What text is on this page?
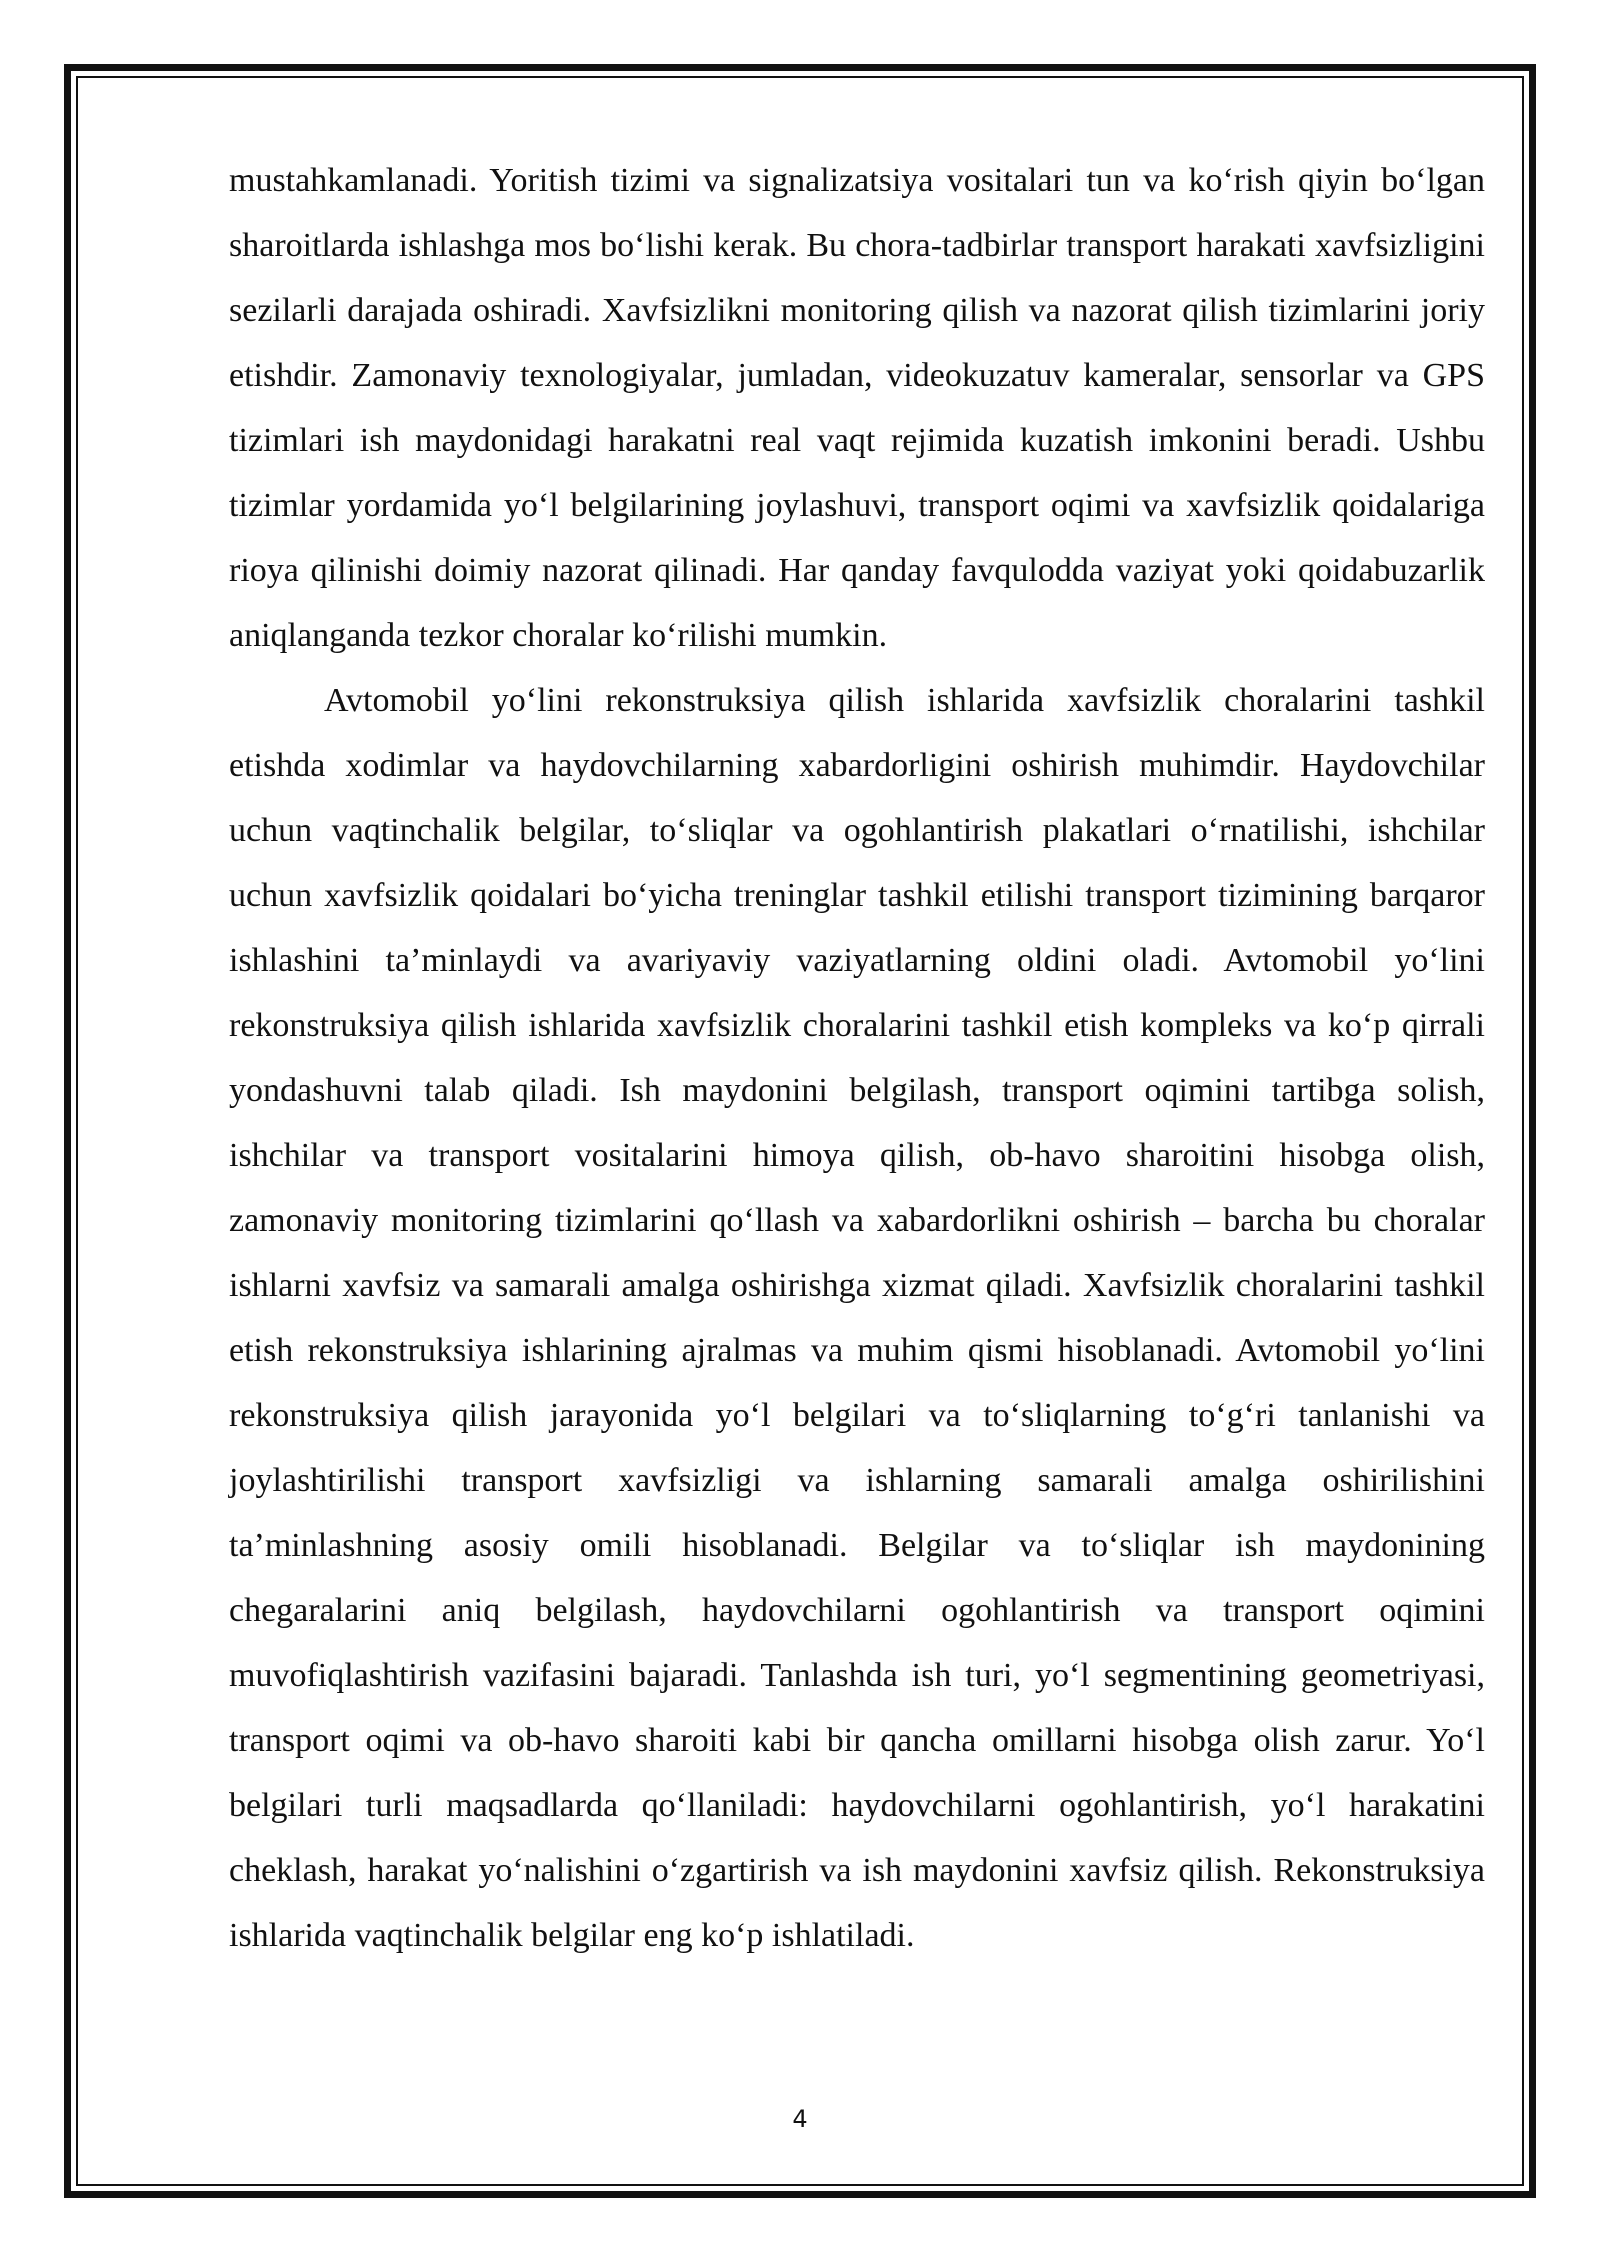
mustahkamlanadi. Yoritish tizimi va signalizatsiya vositalari tun va ko‘rish qiyin bo‘lgan sharoitlarda ishlashga mos bo‘lishi kerak. Bu chora-tadbirlar transport harakati xavfsizligini sezilarli darajada oshiradi. Xavfsizlikni monitoring qilish va nazorat qilish tizimlarini joriy etishdir. Zamonaviy texnologiyalar, jumladan, videokuzatuv kameralar, sensorlar va GPS tizimlari ish maydonidagi harakatni real vaqt rejimida kuzatish imkonini beradi. Ushbu tizimlar yordamida yo‘l belgilarining joylashuvi, transport oqimi va xavfsizlik qoidalariga rioya qilinishi doimiy nazorat qilinadi. Har qanday favqulodda vaziyat yoki qoidabuzarlik aniqlanganda tezkor choralar ko‘rilishi mumkin.

Avtomobil yo‘lini rekonstruksiya qilish ishlarida xavfsizlik choralarini tashkil etishda xodimlar va haydovchilarning xabardorligini oshirish muhimdir. Haydovchilar uchun vaqtinchalik belgilar, to‘sliqlar va ogohlantirish plakatlari o‘rnatilishi, ishchilar uchun xavfsizlik qoidalari bo‘yicha treninglar tashkil etilishi transport tizimining barqaror ishlashini ta’minlaydi va avariyaviy vaziyatlarning oldini oladi. Avtomobil yo‘lini rekonstruksiya qilish ishlarida xavfsizlik choralarini tashkil etish kompleks va ko‘p qirrali yondashuvni talab qiladi. Ish maydonini belgilash, transport oqimini tartibga solish, ishchilar va transport vositalarini himoya qilish, ob-havo sharoitini hisobga olish, zamonaviy monitoring tizimlarini qo‘llash va xabardorlikni oshirish – barcha bu choralar ishlarni xavfsiz va samarali amalga oshirishga xizmat qiladi. Xavfsizlik choralarini tashkil etish rekonstruksiya ishlarining ajralmas va muhim qismi hisoblanadi. Avtomobil yo‘lini rekonstruksiya qilish jarayonida yo‘l belgilari va to‘sliqlarning to‘g‘ri tanlanishi va joylashtirilishi transport xavfsizligi va ishlarning samarali amalga oshirilishini ta’minlashning asosiy omili hisoblanadi. Belgilar va to‘sliqlar ish maydonining chegaralarini aniq belgilash, haydovchilarni ogohlantirish va transport oqimini muvofiqlashtirish vazifasini bajaradi. Tanlashda ish turi, yo‘l segmentining geometriyasi, transport oqimi va ob-havo sharoiti kabi bir qancha omillarni hisobga olish zarur. Yo‘l belgilari turli maqsadlarda qo‘llaniladi: haydovchilarni ogohlantirish, yo‘l harakatini cheklash, harakat yo‘nalishini o‘zgartirish va ish maydonini xavfsiz qilish. Rekonstruksiya ishlarida vaqtinchalik belgilar eng ko‘p ishlatiladi.

4
